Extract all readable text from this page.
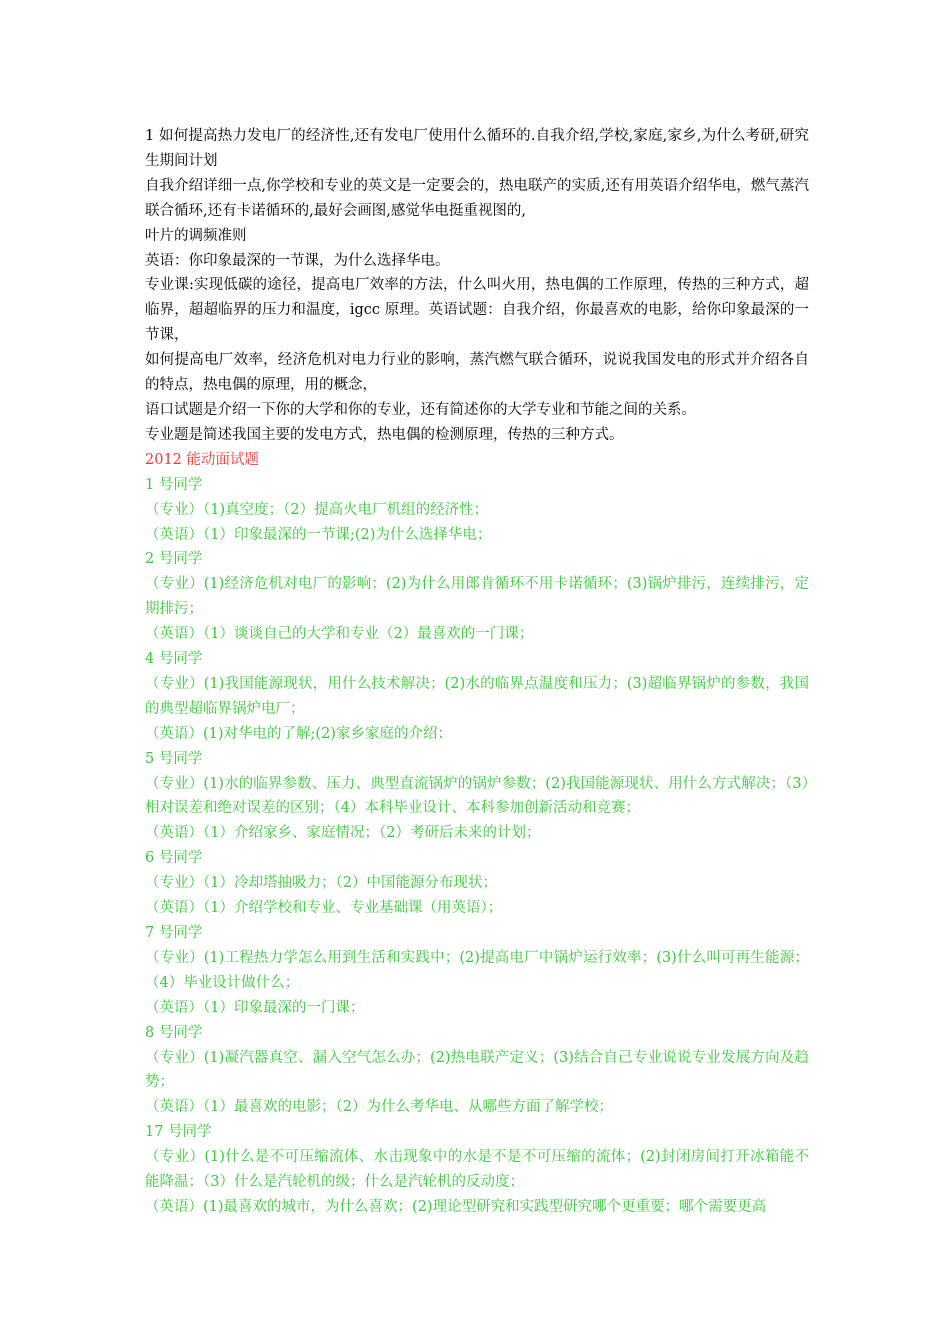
1 如何提高热力发电厂的经济性,还有发电厂使用什么循环的.自我介绍,学校,家庭,家乡,为什么考研,研究生期间计划

自我介绍详细一点,你学校和专业的英文是一定要会的，热电联产的实质,还有用英语介绍华电，燃气蒸汽联合循环,还有卡诺循环的,最好会画图,感觉华电挺重视图的,

叶片的调频准则

英语：你印象最深的一节课，为什么选择华电。

专业课:实现低碳的途径，提高电厂效率的方法，什么叫火用，热电偶的工作原理，传热的三种方式，超临界，超超临界的压力和温度，igcc 原理。英语试题：自我介绍，你最喜欢的电影，给你印象最深的一节课，

如何提高电厂效率，经济危机对电力行业的影响，蒸汽燃气联合循环，说说我国发电的形式并介绍各自的特点，热电偶的原理，用的概念，

语口试题是介绍一下你的大学和你的专业，还有简述你的大学专业和节能之间的关系。

专业题是简述我国主要的发电方式，热电偶的检测原理，传热的三种方式。

2012 能动面试题

1 号同学

（专业）（1)真空度；（2）提高火电厂机组的经济性；

（英语）（1）印象最深的一节课;(2)为什么选择华电；

2 号同学

（专业）(1)经济危机对电厂的影响；(2)为什么用郎肯循环不用卡诺循环；(3)锅炉排污，连续排污，定期排污；

（英语）（1）谈谈自己的大学和专业（2）最喜欢的一门课；

4 号同学

（专业）(1)我国能源现状，用什么技术解决；(2)水的临界点温度和压力；(3)超临界锅炉的参数，我国的典型超临界锅炉电厂；

（英语）(1)对华电的了解;(2)家乡家庭的介绍；

5 号同学

（专业）(1)水的临界参数、压力、典型直流锅炉的锅炉参数；(2)我国能源现状、用什么方式解决；（3）相对误差和绝对误差的区别；（4）本科毕业设计、本科参加创新活动和竞赛；

（英语）（1）介绍家乡、家庭情况；（2）考研后未来的计划；

6 号同学

（专业）（1）冷却塔抽吸力；（2）中国能源分布现状；

（英语）（1）介绍学校和专业、专业基础课（用英语）；

7 号同学

（专业）(1)工程热力学怎么用到生活和实践中；(2)提高电厂中锅炉运行效率；(3)什么叫可再生能源；（4）毕业设计做什么；

（英语）（1）印象最深的一门课；

8 号同学

（专业）(1)凝汽器真空、漏入空气怎么办；(2)热电联产定义；(3)结合自己专业说说专业发展方向及趋势；

（英语）（1）最喜欢的电影；（2）为什么考华电、从哪些方面了解学校；

17 号同学

（专业）(1)什么是不可压缩流体、水击现象中的水是不是不可压缩的流体；(2)封闭房间打开冰箱能不能降温；（3）什么是汽轮机的级；什么是汽轮机的反动度；

（英语）(1)最喜欢的城市，为什么喜欢；(2)理论型研究和实践型研究哪个更重要；哪个需要更高
